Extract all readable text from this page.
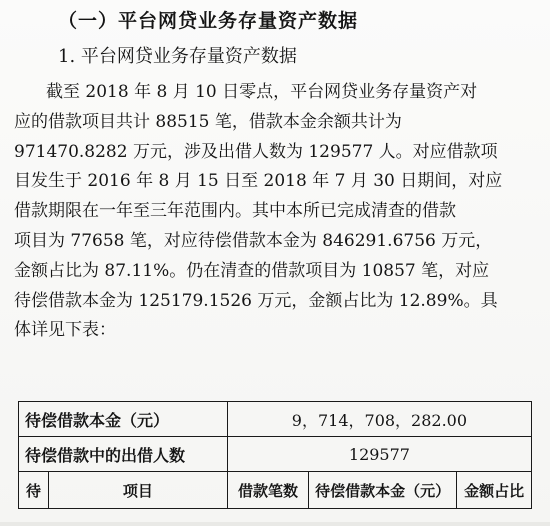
（一）平台网贷业务存量资产数据
1. 平台网贷业务存量资产数据
截至 2018 年 8 月 10 日零点，平台网贷业务存量资产对
应的借款项目共计 88515 笔，借款本金余额共计为
971470.8282 万元，涉及出借人数为 129577 人。对应借款项
目发生于 2016 年 8 月 15 日至 2018 年 7 月 30 日期间，对应
借款期限在一年至三年范围内。其中本所已完成清查的借款
项目为 77658 笔，对应待偿借款本金为 846291.6756 万元，
金额占比为 87.11%。仍在清查的借款项目为 10857 笔，对应
待偿借款本金为 125179.1526 万元，金额占比为 12.89%。具
体详见下表：
待偿借款本金（元）		9，714，708，282.00		
待偿借款中的出借人数		129577		
待	项目	借款笔数	待偿借款本金（元）	金额占比
